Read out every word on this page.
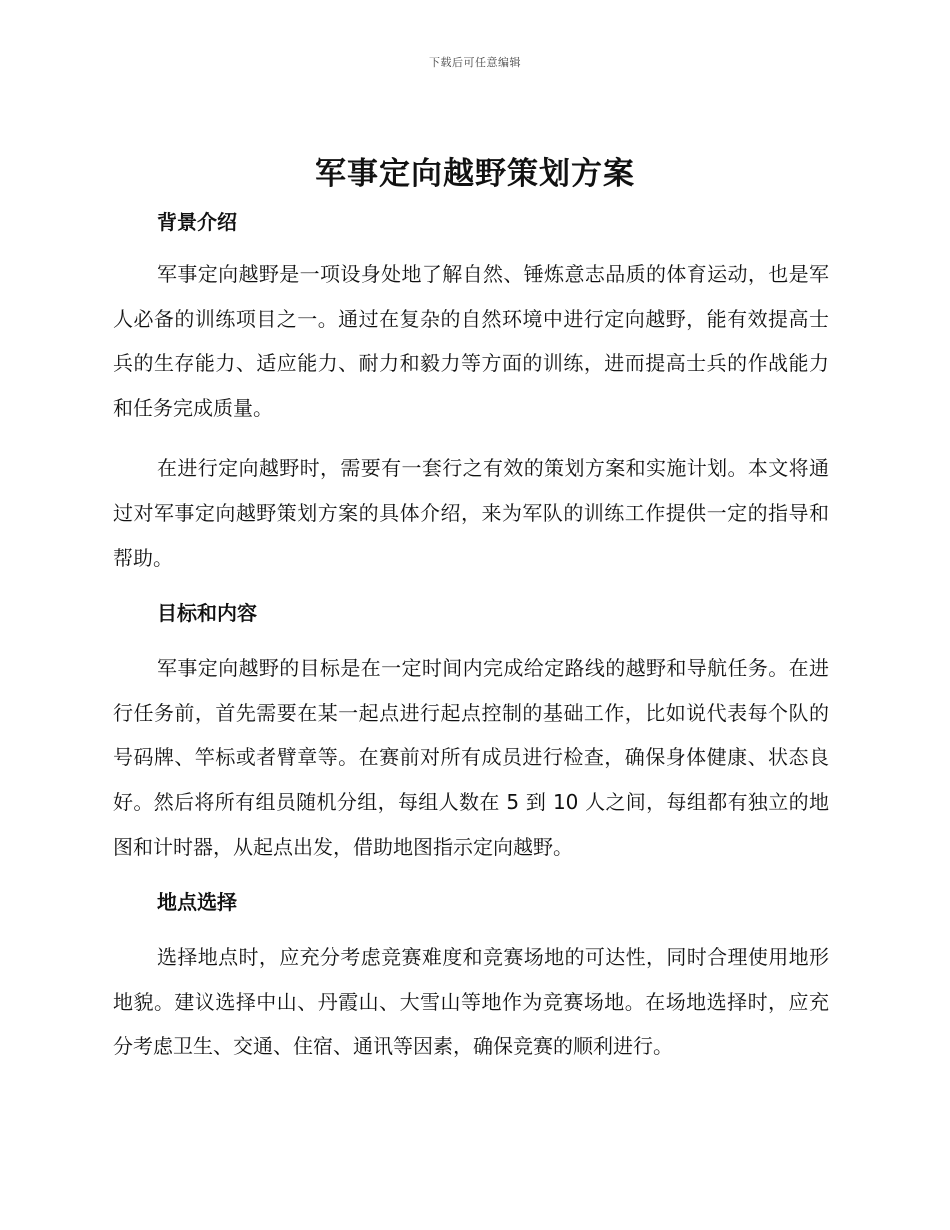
下载后可任意编辑
军事定向越野策划方案
背景介绍

军事定向越野是一项设身处地了解自然、锤炼意志品质的体育运动，也是军人必备的训练项目之一。通过在复杂的自然环境中进行定向越野，能有效提高士兵的生存能力、适应能力、耐力和毅力等方面的训练，进而提高士兵的作战能力和任务完成质量。

在进行定向越野时，需要有一套行之有效的策划方案和实施计划。本文将通过对军事定向越野策划方案的具体介绍，来为军队的训练工作提供一定的指导和帮助。

目标和内容

军事定向越野的目标是在一定时间内完成给定路线的越野和导航任务。在进行任务前，首先需要在某一起点进行起点控制的基础工作，比如说代表每个队的号码牌、竿标或者臂章等。在赛前对所有成员进行检查，确保身体健康、状态良好。然后将所有组员随机分组，每组人数在 5 到 10 人之间，每组都有独立的地图和计时器，从起点出发，借助地图指示定向越野。

地点选择

选择地点时，应充分考虑竞赛难度和竞赛场地的可达性，同时合理使用地形地貌。建议选择中山、丹霞山、大雪山等地作为竞赛场地。在场地选择时，应充分考虑卫生、交通、住宿、通讯等因素，确保竞赛的顺利进行。
